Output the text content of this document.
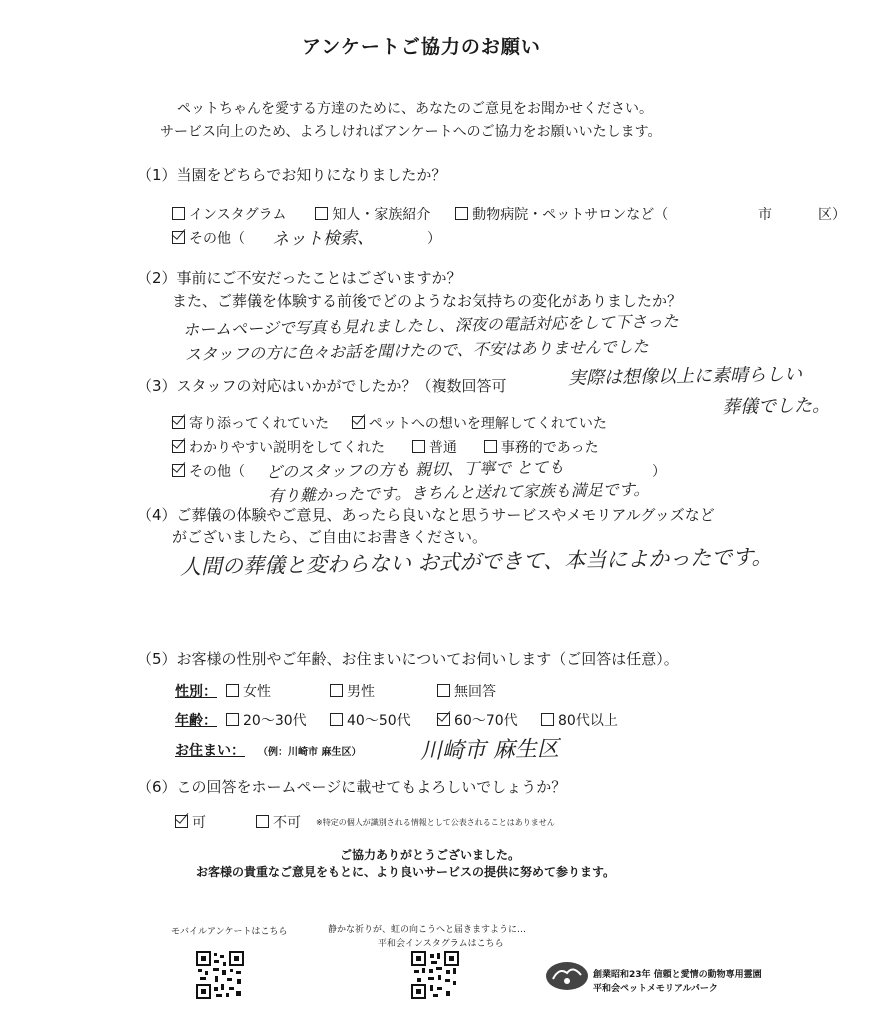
アンケートご協力のお願い
ペットちゃんを愛する方達のために、あなたのご意見をお聞かせください。
サービス向上のため、よろしければアンケートへのご協力をお願いいたします。
（1）当園をどちらでお知りになりましたか？
インスタグラム	知人・家族紹介	動物病院・ペットサロンなど（	市	区）
その他（ ネット検索、	）
（2）事前にご不安だったことはございますか？
また、ご葬儀を体験する前後でどのようなお気持ちの変化がありましたか？
ホームページで写真も見れましたし、深夜の電話対応をして下さった
スタッフの方に色々お話を聞けたので、不安はありませんでした
実際は想像以上に素晴らしい
葬儀でした。
（3）スタッフの対応はいかがでしたか？（複数回答可
寄り添ってくれていた	ペットへの想いを理解してくれていた
わかりやすい説明をしてくれた	普通	事務的であった
その他（ どのスタッフの方も 親切、丁寧で とても	）
有り難かったです。きちんと送れて家族も満足です。
（4）ご葬儀の体験やご意見、あったら良いなと思うサービスやメモリアルグッズなど
がございましたら、ご自由にお書きください。
人間の葬儀と変わらない お式ができて、本当によかったです。
（5）お客様の性別やご年齢、お住まいについてお伺いします（ご回答は任意）。
性別：	女性	男性	無回答
年齢：	20〜30代	40〜50代	60〜70代	80代以上
お住まい： （例：川崎市 麻生区）	川崎市 麻生区
（6）この回答をホームページに載せてもよろしいでしょうか？
可	不可 ※特定の個人が識別される情報として公表されることはありません
ご協力ありがとうございました。
お客様の貴重なご意見をもとに、より良いサービスの提供に努めて参ります。
モバイルアンケートはこちら	静かな祈りが、虹の向こうへと届きますように…
平和会インスタグラムはこちら
創業昭和23年 信頼と愛情の動物専用霊園
平和会ペットメモリアルパーク
